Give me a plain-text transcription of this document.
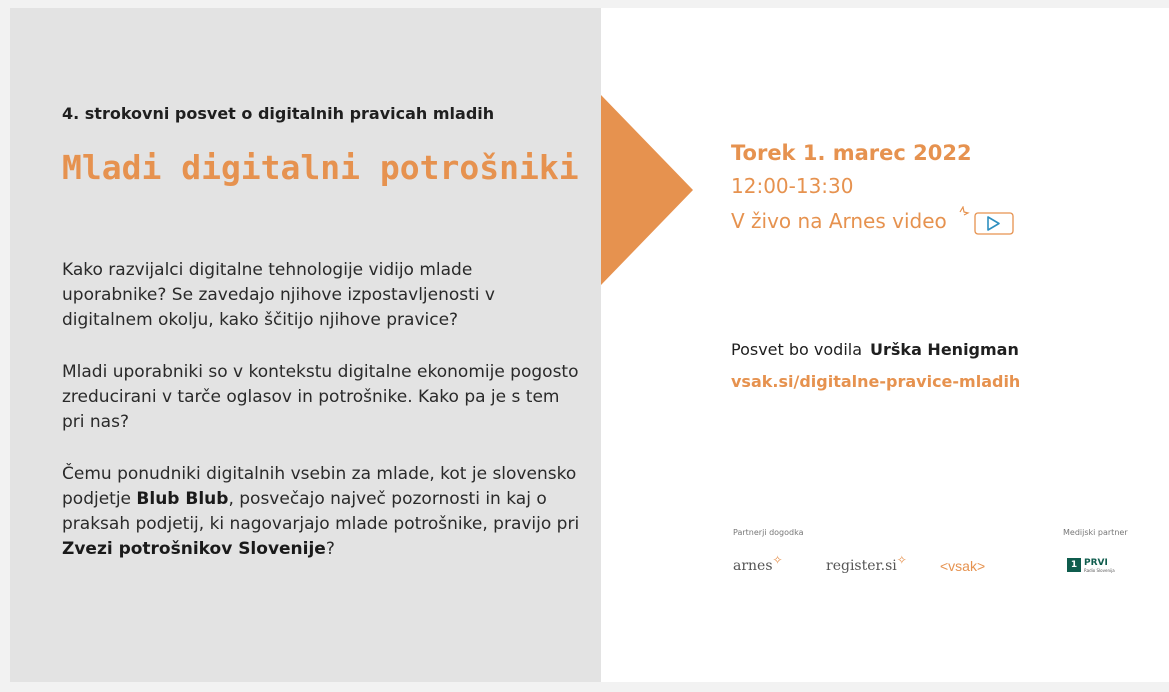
4. strokovni posvet o digitalnih pravicah mladih
Mladi digitalni potrošniki
Kako razvijalci digitalne tehnologije vidijo mlade uporabnike? Se zavedajo njihove izpostavljenosti v digitalnem okolju, kako ščitijo njihove pravice?
Mladi uporabniki so v kontekstu digitalne ekonomije pogosto zreducirani v tarče oglasov in potrošnike. Kako pa je s tem pri nas?
Čemu ponudniki digitalnih vsebin za mlade, kot je slovensko podjetje Blub Blub, posvečajo največ pozornosti in kaj o praksah podjetij, ki nagovarjajo mlade potrošnike, pravijo pri Zvezi potrošnikov Slovenije?
Torek 1. marec 2022
12:00-13:30
V živo na Arnes video
Posvet bo vodila Urška Henigman
vsak.si/digitalne-pravice-mladih
Partnerji dogodka	Medijski partner
arnes✧	register.si✧ <vsak>	1 PRVI
Radio Slovenija
